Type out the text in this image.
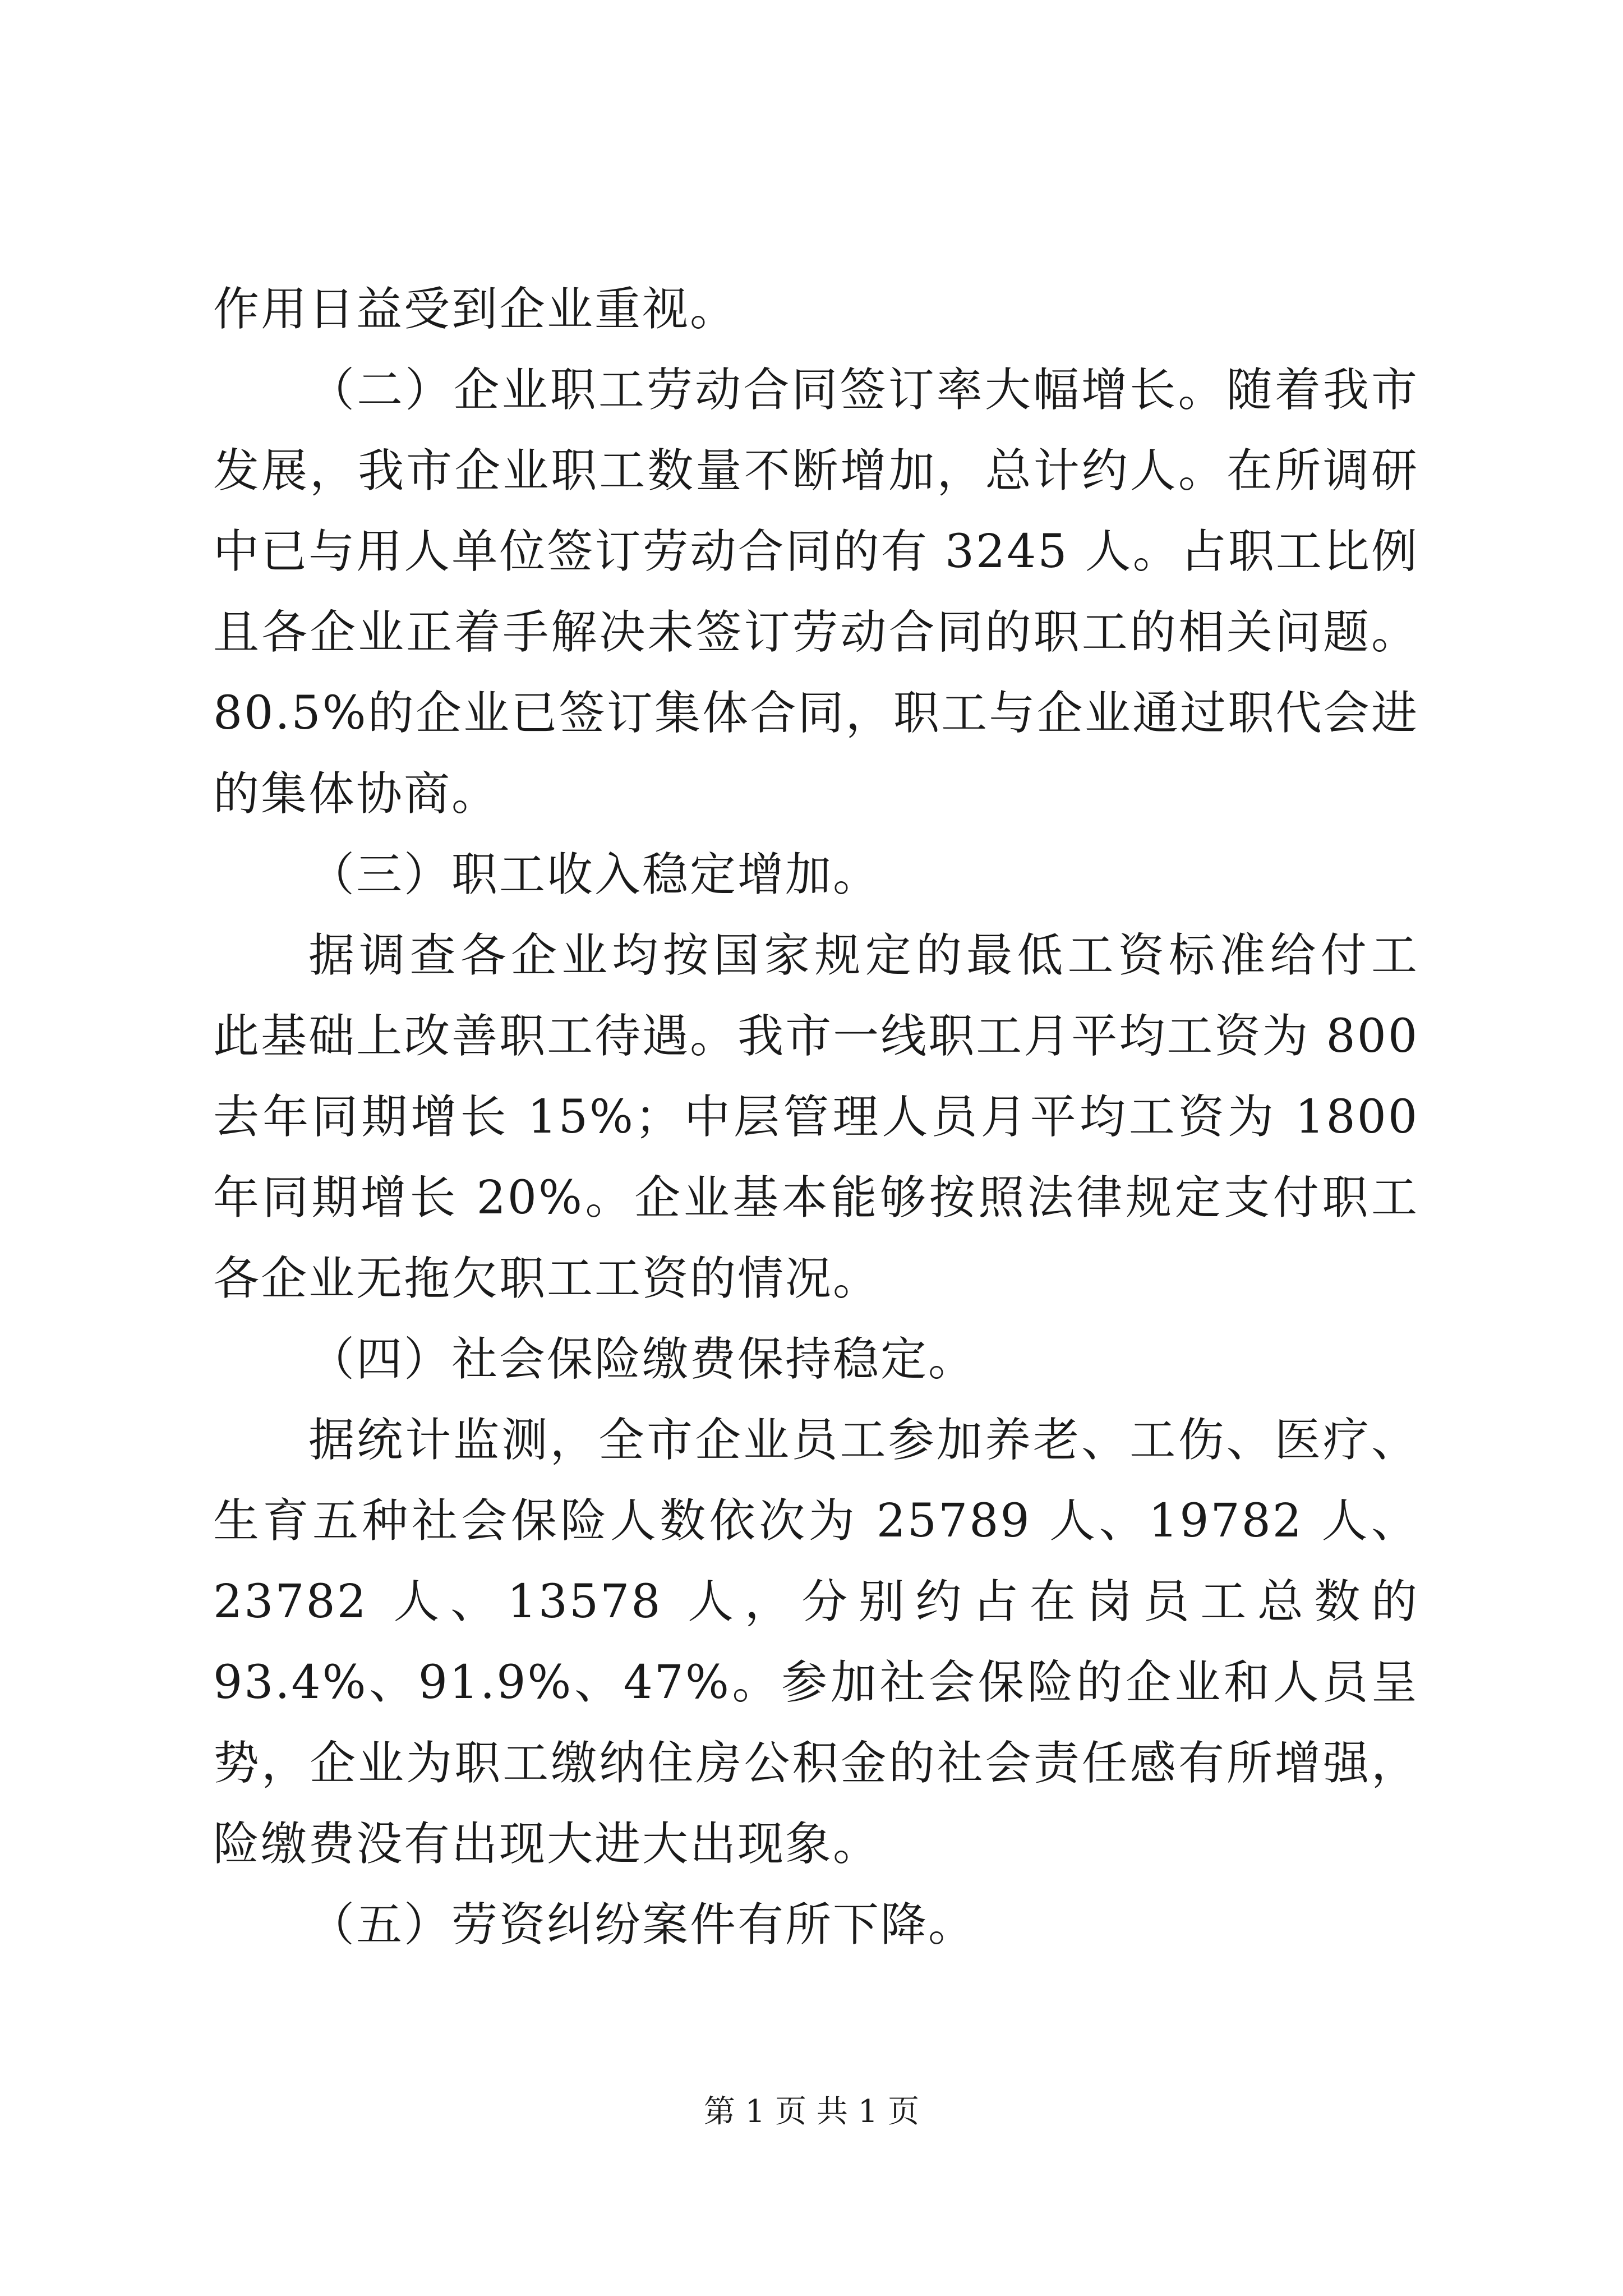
作用日益受到企业重视。

（二）企业职工劳动合同签订率大幅增长。随着我市

发展，我市企业职工数量不断增加，总计约人。在所调研

中已与用人单位签订劳动合同的有 3245 人。占职工比例

且各企业正着手解决未签订劳动合同的职工的相关问题。

80.5%的企业已签订集体合同，职工与企业通过职代会进

的集体协商。

（三）职工收入稳定增加。

据调查各企业均按国家规定的最低工资标准给付工

此基础上改善职工待遇。我市一线职工月平均工资为 800

去年同期增长 15%；中层管理人员月平均工资为 1800

年同期增长 20%。企业基本能够按照法律规定支付职工

各企业无拖欠职工工资的情况。

（四）社会保险缴费保持稳定。

据统计监测，全市企业员工参加养老、工伤、医疗、

生育五种社会保险人数依次为 25789 人、19782 人、

23782 人、13578 人，分别约占在岗员工总数的

93.4%、91.9%、47%。参加社会保险的企业和人员呈

势，企业为职工缴纳住房公积金的社会责任感有所增强，

险缴费没有出现大进大出现象。

（五）劳资纠纷案件有所下降。

第 1 页 共 1 页
